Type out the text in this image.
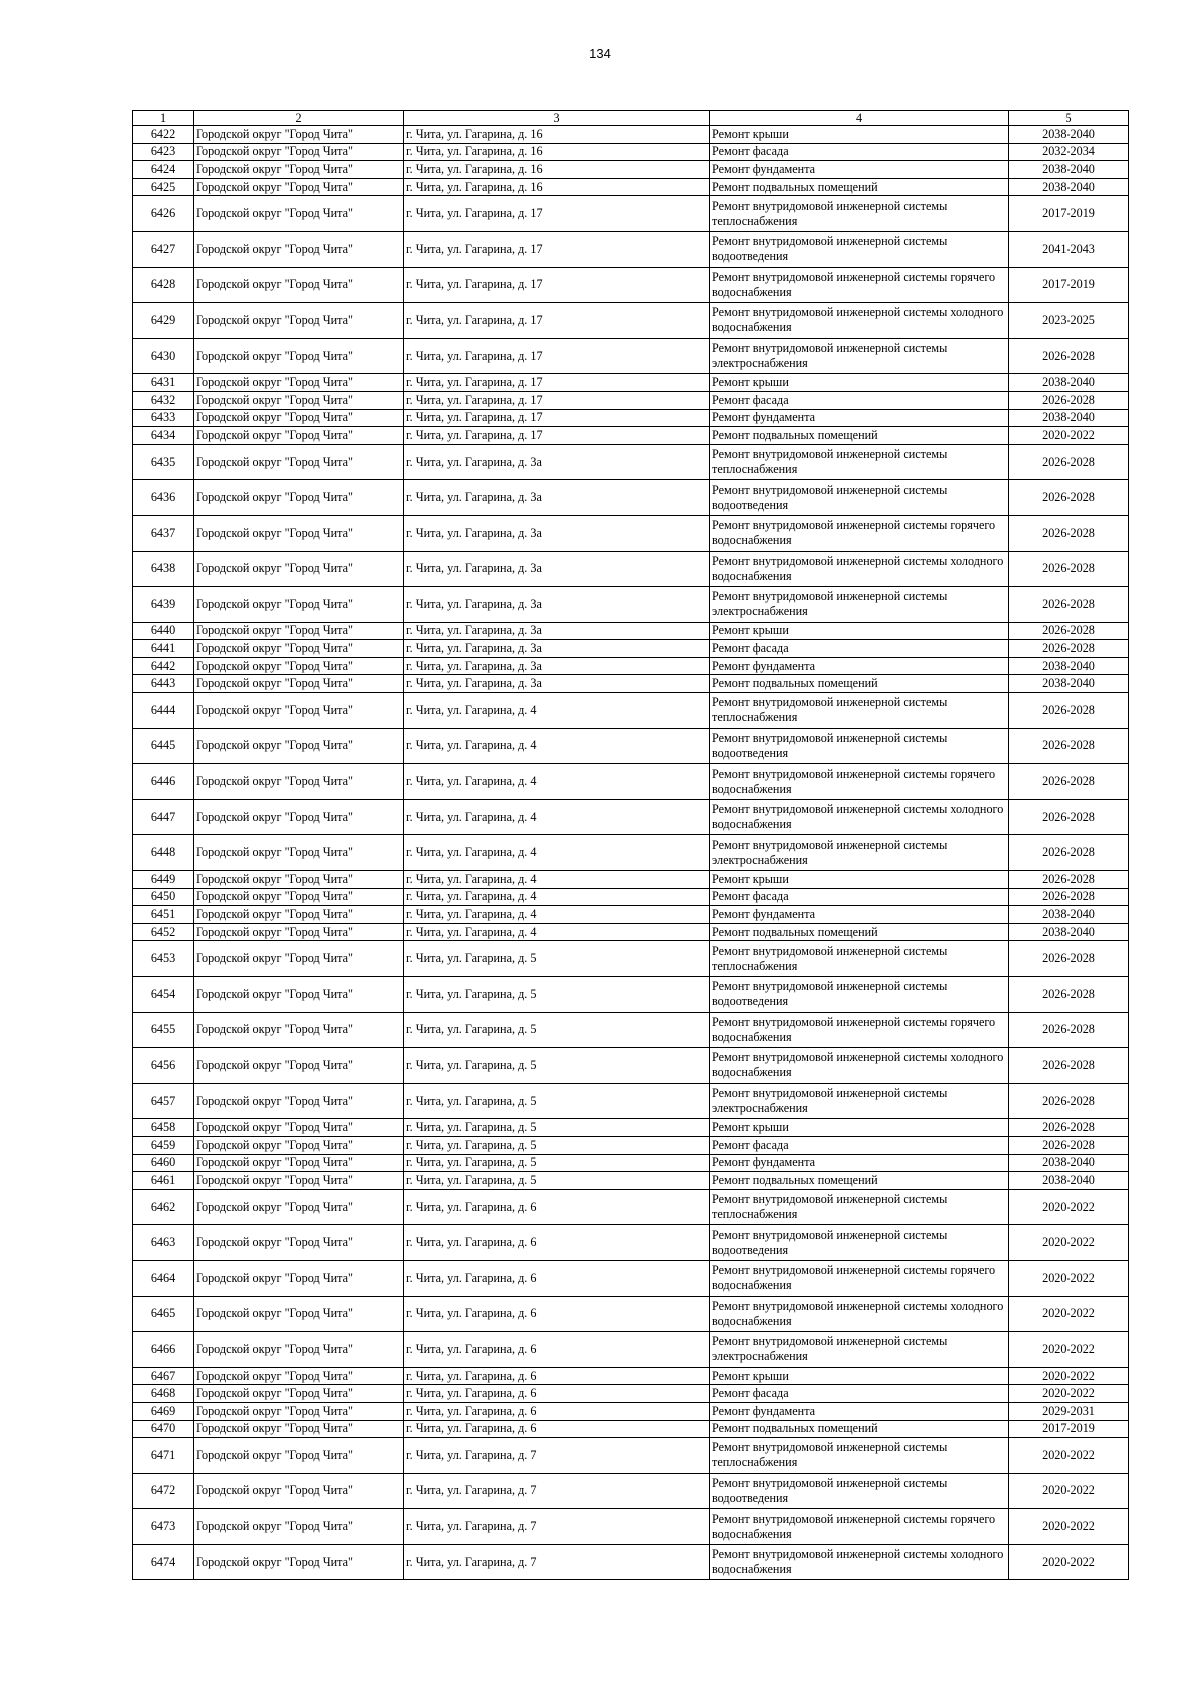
134
1	2	3	4	5
6422	Городской округ "Город Чита"	г. Чита, ул. Гагарина, д. 16	Ремонт крыши	2038-2040
6423	Городской округ "Город Чита"	г. Чита, ул. Гагарина, д. 16	Ремонт фасада	2032-2034
6424	Городской округ "Город Чита"	г. Чита, ул. Гагарина, д. 16	Ремонт фундамента	2038-2040
6425	Городской округ "Город Чита"	г. Чита, ул. Гагарина, д. 16	Ремонт подвальных помещений	2038-2040
6426	Городской округ "Город Чита"	г. Чита, ул. Гагарина, д. 17	Ремонт внутридомовой инженерной системы теплоснабжения	2017-2019
6427	Городской округ "Город Чита"	г. Чита, ул. Гагарина, д. 17	Ремонт внутридомовой инженерной системы водоотведения	2041-2043
6428	Городской округ "Город Чита"	г. Чита, ул. Гагарина, д. 17	Ремонт внутридомовой инженерной системы горячего водоснабжения	2017-2019
6429	Городской округ "Город Чита"	г. Чита, ул. Гагарина, д. 17	Ремонт внутридомовой инженерной системы холодного водоснабжения	2023-2025
6430	Городской округ "Город Чита"	г. Чита, ул. Гагарина, д. 17	Ремонт внутридомовой инженерной системы электроснабжения	2026-2028
6431	Городской округ "Город Чита"	г. Чита, ул. Гагарина, д. 17	Ремонт крыши	2038-2040
6432	Городской округ "Город Чита"	г. Чита, ул. Гагарина, д. 17	Ремонт фасада	2026-2028
6433	Городской округ "Город Чита"	г. Чита, ул. Гагарина, д. 17	Ремонт фундамента	2038-2040
6434	Городской округ "Город Чита"	г. Чита, ул. Гагарина, д. 17	Ремонт подвальных помещений	2020-2022
6435	Городской округ "Город Чита"	г. Чита, ул. Гагарина, д. 3а	Ремонт внутридомовой инженерной системы теплоснабжения	2026-2028
6436	Городской округ "Город Чита"	г. Чита, ул. Гагарина, д. 3а	Ремонт внутридомовой инженерной системы водоотведения	2026-2028
6437	Городской округ "Город Чита"	г. Чита, ул. Гагарина, д. 3а	Ремонт внутридомовой инженерной системы горячего водоснабжения	2026-2028
6438	Городской округ "Город Чита"	г. Чита, ул. Гагарина, д. 3а	Ремонт внутридомовой инженерной системы холодного водоснабжения	2026-2028
6439	Городской округ "Город Чита"	г. Чита, ул. Гагарина, д. 3а	Ремонт внутридомовой инженерной системы электроснабжения	2026-2028
6440	Городской округ "Город Чита"	г. Чита, ул. Гагарина, д. 3а	Ремонт крыши	2026-2028
6441	Городской округ "Город Чита"	г. Чита, ул. Гагарина, д. 3а	Ремонт фасада	2026-2028
6442	Городской округ "Город Чита"	г. Чита, ул. Гагарина, д. 3а	Ремонт фундамента	2038-2040
6443	Городской округ "Город Чита"	г. Чита, ул. Гагарина, д. 3а	Ремонт подвальных помещений	2038-2040
6444	Городской округ "Город Чита"	г. Чита, ул. Гагарина, д. 4	Ремонт внутридомовой инженерной системы теплоснабжения	2026-2028
6445	Городской округ "Город Чита"	г. Чита, ул. Гагарина, д. 4	Ремонт внутридомовой инженерной системы водоотведения	2026-2028
6446	Городской округ "Город Чита"	г. Чита, ул. Гагарина, д. 4	Ремонт внутридомовой инженерной системы горячего водоснабжения	2026-2028
6447	Городской округ "Город Чита"	г. Чита, ул. Гагарина, д. 4	Ремонт внутридомовой инженерной системы холодного водоснабжения	2026-2028
6448	Городской округ "Город Чита"	г. Чита, ул. Гагарина, д. 4	Ремонт внутридомовой инженерной системы электроснабжения	2026-2028
6449	Городской округ "Город Чита"	г. Чита, ул. Гагарина, д. 4	Ремонт крыши	2026-2028
6450	Городской округ "Город Чита"	г. Чита, ул. Гагарина, д. 4	Ремонт фасада	2026-2028
6451	Городской округ "Город Чита"	г. Чита, ул. Гагарина, д. 4	Ремонт фундамента	2038-2040
6452	Городской округ "Город Чита"	г. Чита, ул. Гагарина, д. 4	Ремонт подвальных помещений	2038-2040
6453	Городской округ "Город Чита"	г. Чита, ул. Гагарина, д. 5	Ремонт внутридомовой инженерной системы теплоснабжения	2026-2028
6454	Городской округ "Город Чита"	г. Чита, ул. Гагарина, д. 5	Ремонт внутридомовой инженерной системы водоотведения	2026-2028
6455	Городской округ "Город Чита"	г. Чита, ул. Гагарина, д. 5	Ремонт внутридомовой инженерной системы горячего водоснабжения	2026-2028
6456	Городской округ "Город Чита"	г. Чита, ул. Гагарина, д. 5	Ремонт внутридомовой инженерной системы холодного водоснабжения	2026-2028
6457	Городской округ "Город Чита"	г. Чита, ул. Гагарина, д. 5	Ремонт внутридомовой инженерной системы электроснабжения	2026-2028
6458	Городской округ "Город Чита"	г. Чита, ул. Гагарина, д. 5	Ремонт крыши	2026-2028
6459	Городской округ "Город Чита"	г. Чита, ул. Гагарина, д. 5	Ремонт фасада	2026-2028
6460	Городской округ "Город Чита"	г. Чита, ул. Гагарина, д. 5	Ремонт фундамента	2038-2040
6461	Городской округ "Город Чита"	г. Чита, ул. Гагарина, д. 5	Ремонт подвальных помещений	2038-2040
6462	Городской округ "Город Чита"	г. Чита, ул. Гагарина, д. 6	Ремонт внутридомовой инженерной системы теплоснабжения	2020-2022
6463	Городской округ "Город Чита"	г. Чита, ул. Гагарина, д. 6	Ремонт внутридомовой инженерной системы водоотведения	2020-2022
6464	Городской округ "Город Чита"	г. Чита, ул. Гагарина, д. 6	Ремонт внутридомовой инженерной системы горячего водоснабжения	2020-2022
6465	Городской округ "Город Чита"	г. Чита, ул. Гагарина, д. 6	Ремонт внутридомовой инженерной системы холодного водоснабжения	2020-2022
6466	Городской округ "Город Чита"	г. Чита, ул. Гагарина, д. 6	Ремонт внутридомовой инженерной системы электроснабжения	2020-2022
6467	Городской округ "Город Чита"	г. Чита, ул. Гагарина, д. 6	Ремонт крыши	2020-2022
6468	Городской округ "Город Чита"	г. Чита, ул. Гагарина, д. 6	Ремонт фасада	2020-2022
6469	Городской округ "Город Чита"	г. Чита, ул. Гагарина, д. 6	Ремонт фундамента	2029-2031
6470	Городской округ "Город Чита"	г. Чита, ул. Гагарина, д. 6	Ремонт подвальных помещений	2017-2019
6471	Городской округ "Город Чита"	г. Чита, ул. Гагарина, д. 7	Ремонт внутридомовой инженерной системы теплоснабжения	2020-2022
6472	Городской округ "Город Чита"	г. Чита, ул. Гагарина, д. 7	Ремонт внутридомовой инженерной системы водоотведения	2020-2022
6473	Городской округ "Город Чита"	г. Чита, ул. Гагарина, д. 7	Ремонт внутридомовой инженерной системы горячего водоснабжения	2020-2022
6474	Городской округ "Город Чита"	г. Чита, ул. Гагарина, д. 7	Ремонт внутридомовой инженерной системы холодного водоснабжения	2020-2022
